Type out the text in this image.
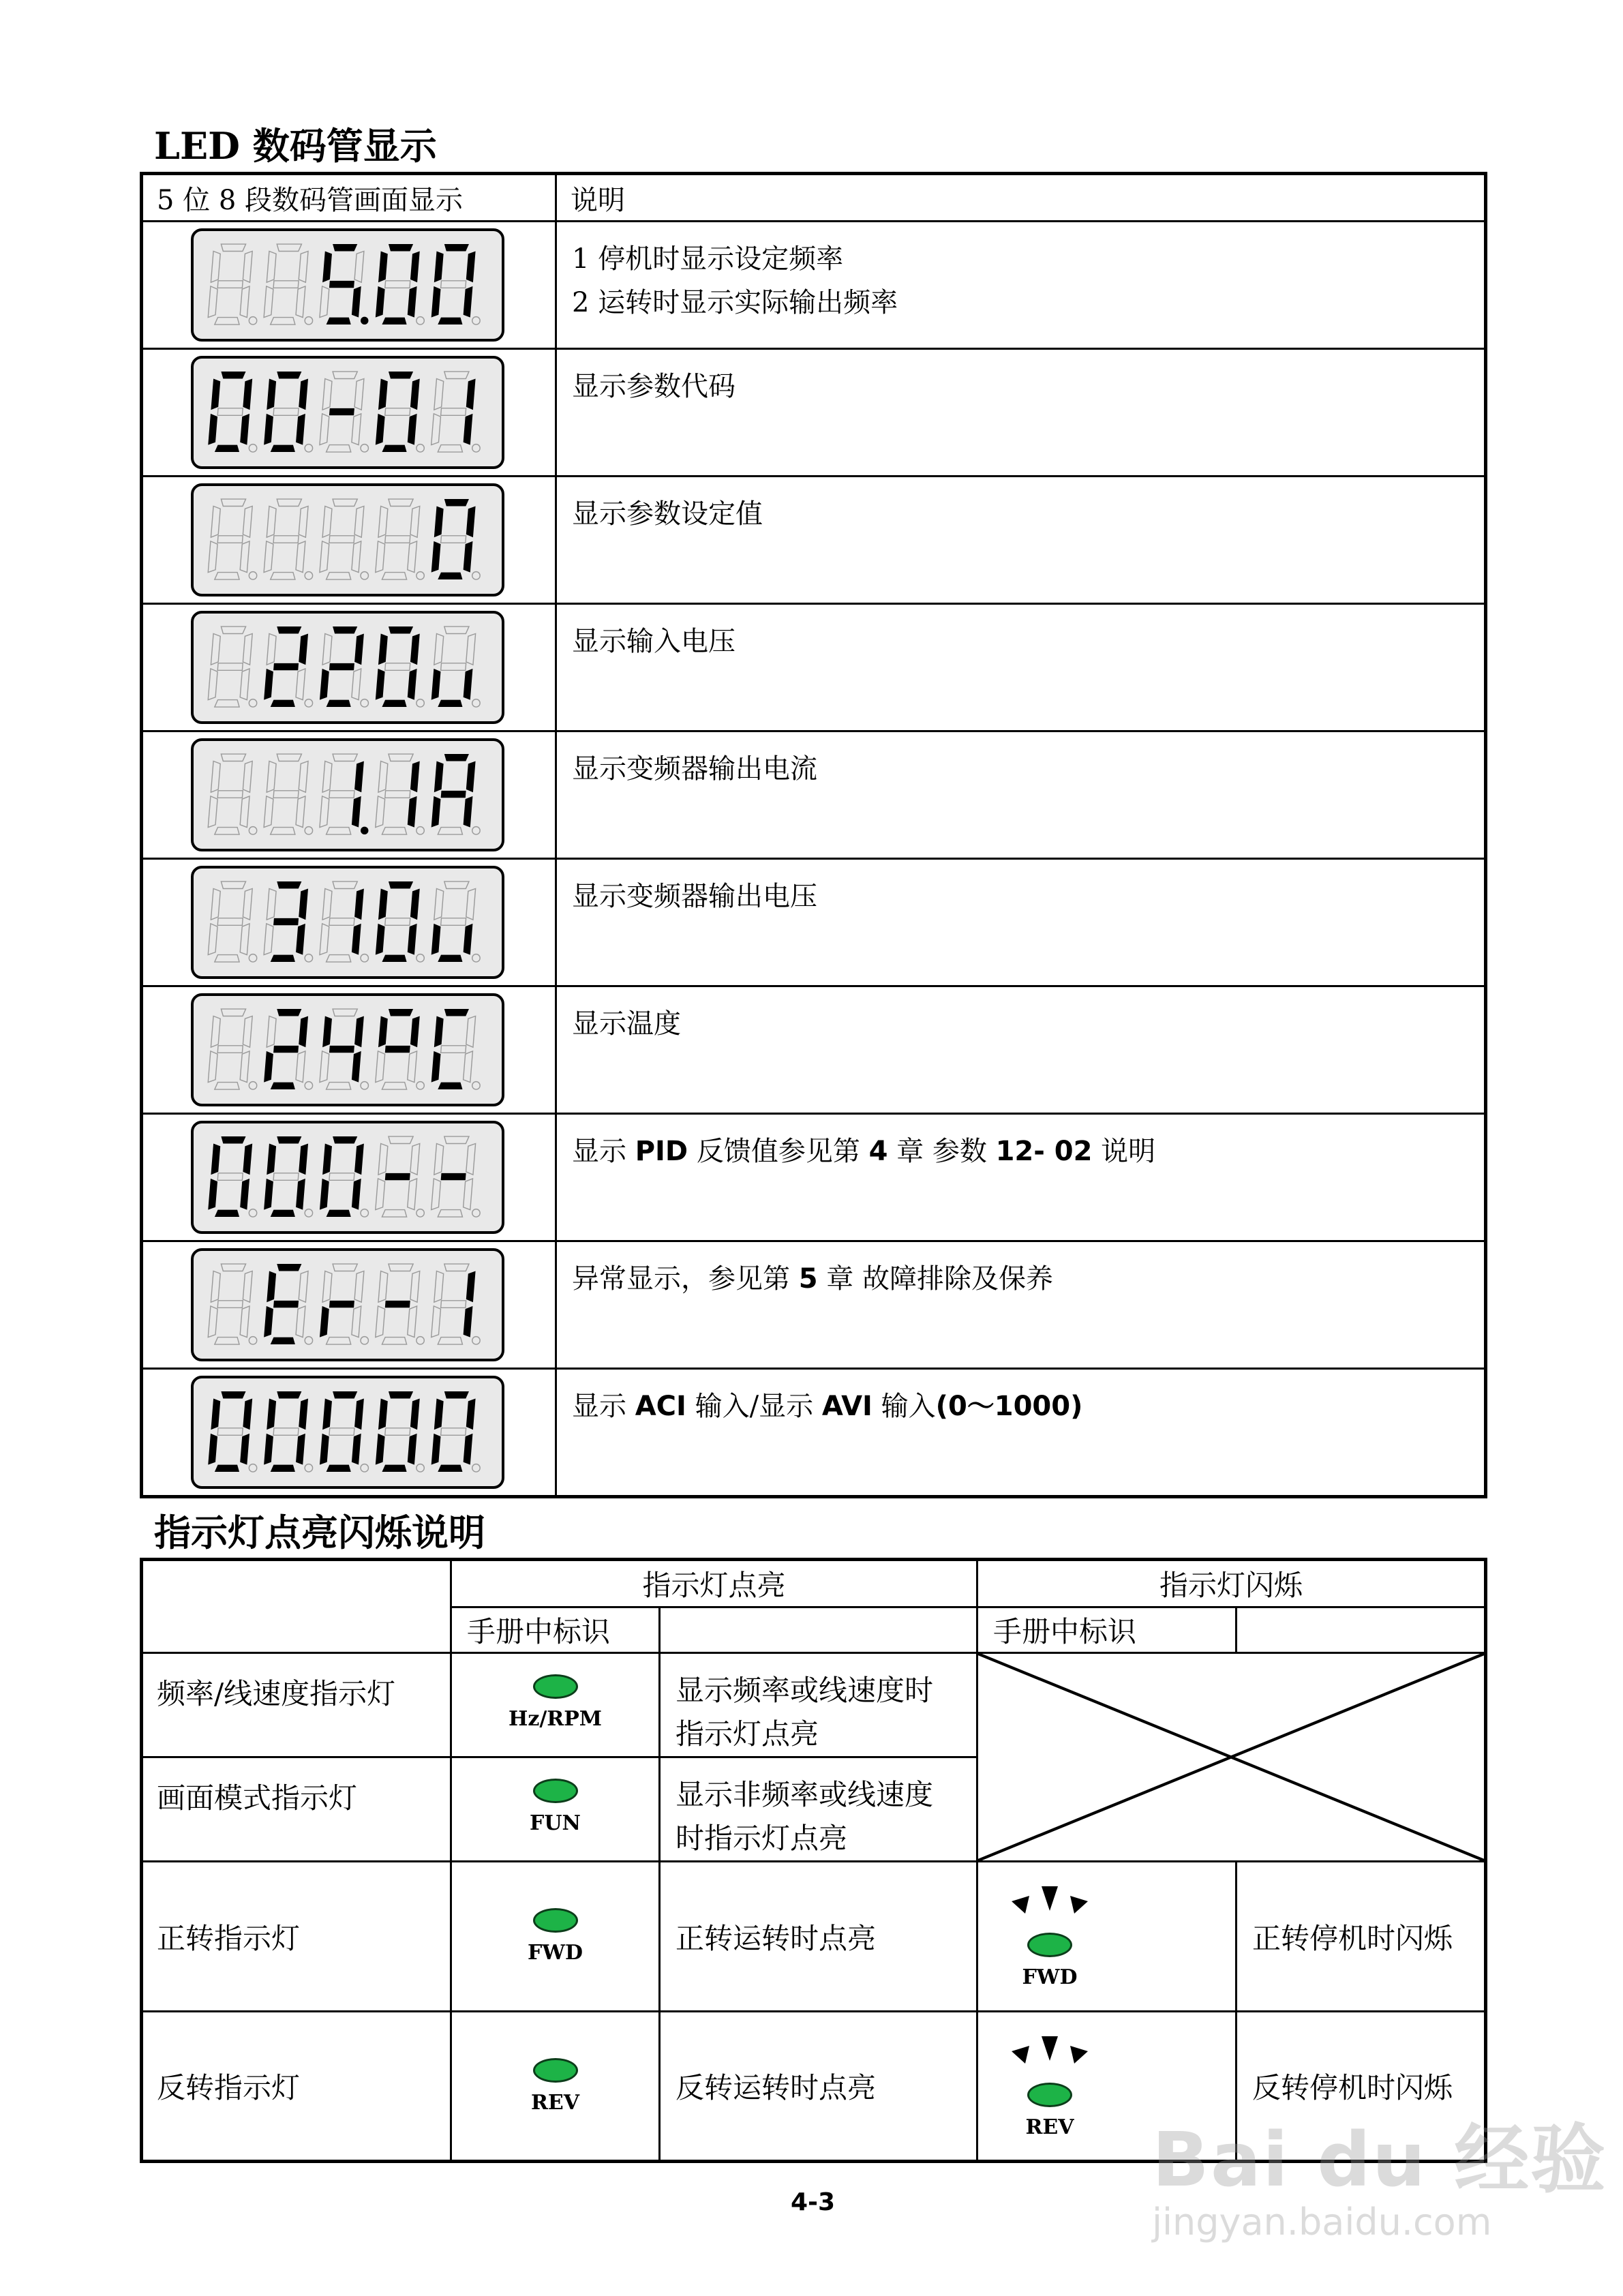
LED 数码管显示
5 位 8 段数码管画面显示	说明

1 停机时显示设定频率
2 运转时显示实际输出频率

	显示参数代码

	显示参数设定值

	显示输入电压

	显示变频器输出电流

	显示变频器输出电压

	显示温度

	显示 PID 反馈值参见第 4 章 参数 12- 02 说明

	异常显示，参见第 5 章 故障排除及保养

	显示 ACI 输入/显示 AVI 输入(0～1000)
指示灯点亮闪烁说明
	指示灯点亮		指示灯闪烁	
	手册中标识		手册中标识	
频率/线速度指示灯	Hz/RPM	显示频率或线速度时
指示灯点亮

画面模式指示灯	FUN	显示非频率或线速度
时指示灯点亮		

正转指示灯	FWD	正转运转时点亮	FWD	正转停机时闪烁
反转指示灯	REV	反转运转时点亮	REV	反转停机时闪烁
4-3	Bai du 经验
jingyan.baidu.com
